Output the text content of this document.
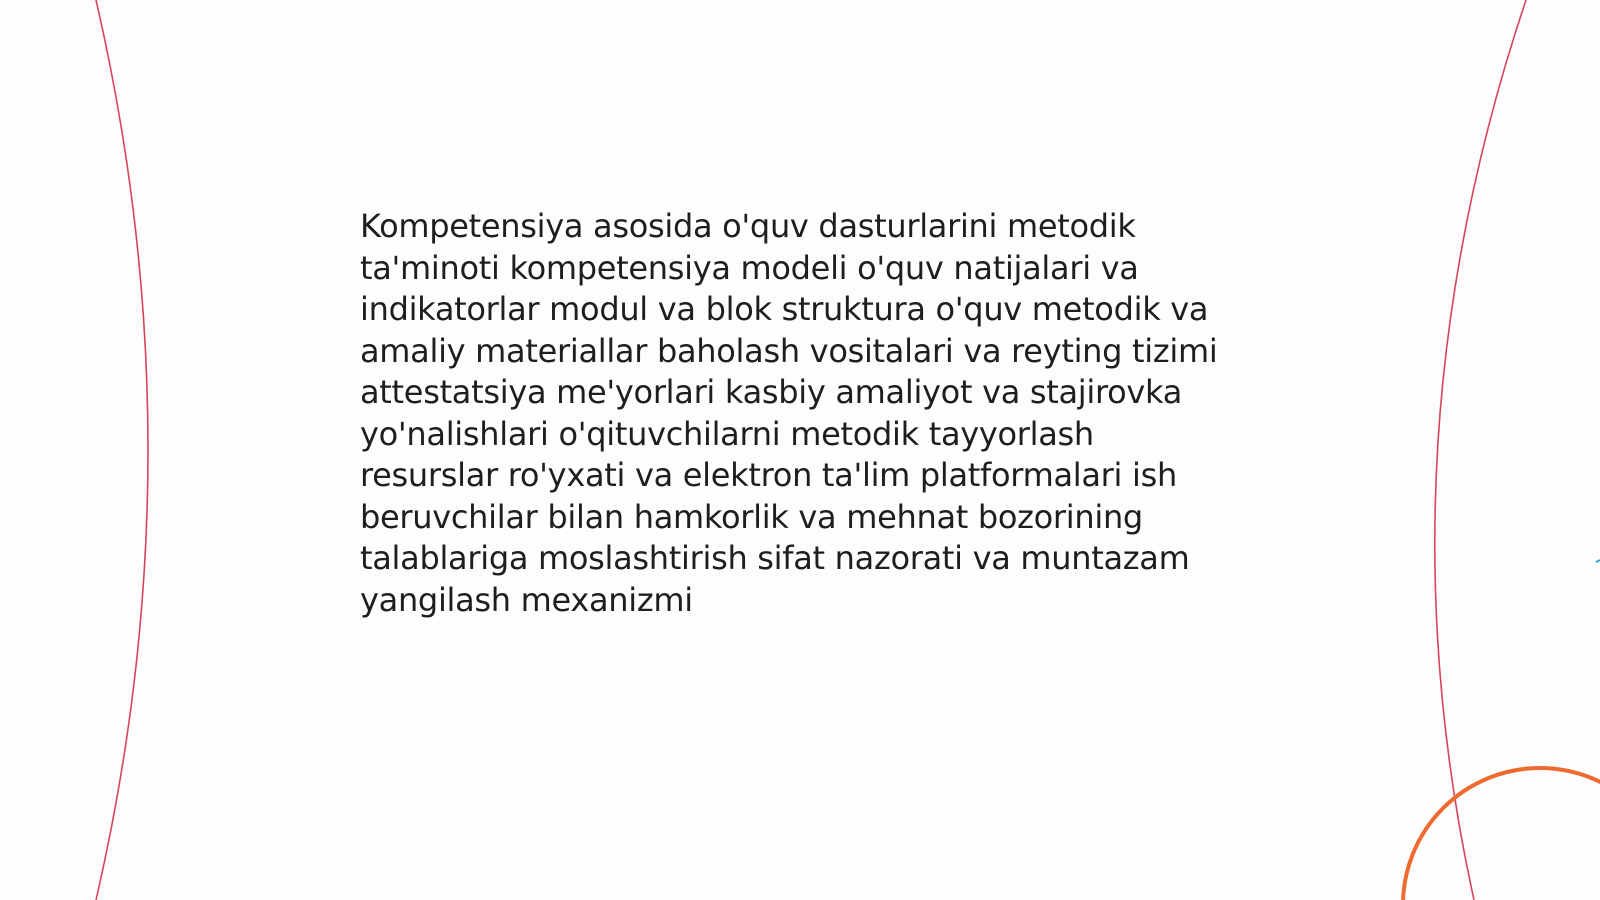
Kompetensiya asosida o'quv dasturlarini metodik ta'minoti kompetensiya modeli o'quv natijalari va indikatorlar modul va blok struktura o'quv metodik va amaliy materiallar baholash vositalari va reyting tizimi attestatsiya me'yorlari kasbiy amaliyot va stajirovka yo'nalishlari o'qituvchilarni metodik tayyorlash resurslar ro'yxati va elektron ta'lim platformalari ish beruvchilar bilan hamkorlik va mehnat bozorining talablariga moslashtirish sifat nazorati va muntazam yangilash mexanizmi
